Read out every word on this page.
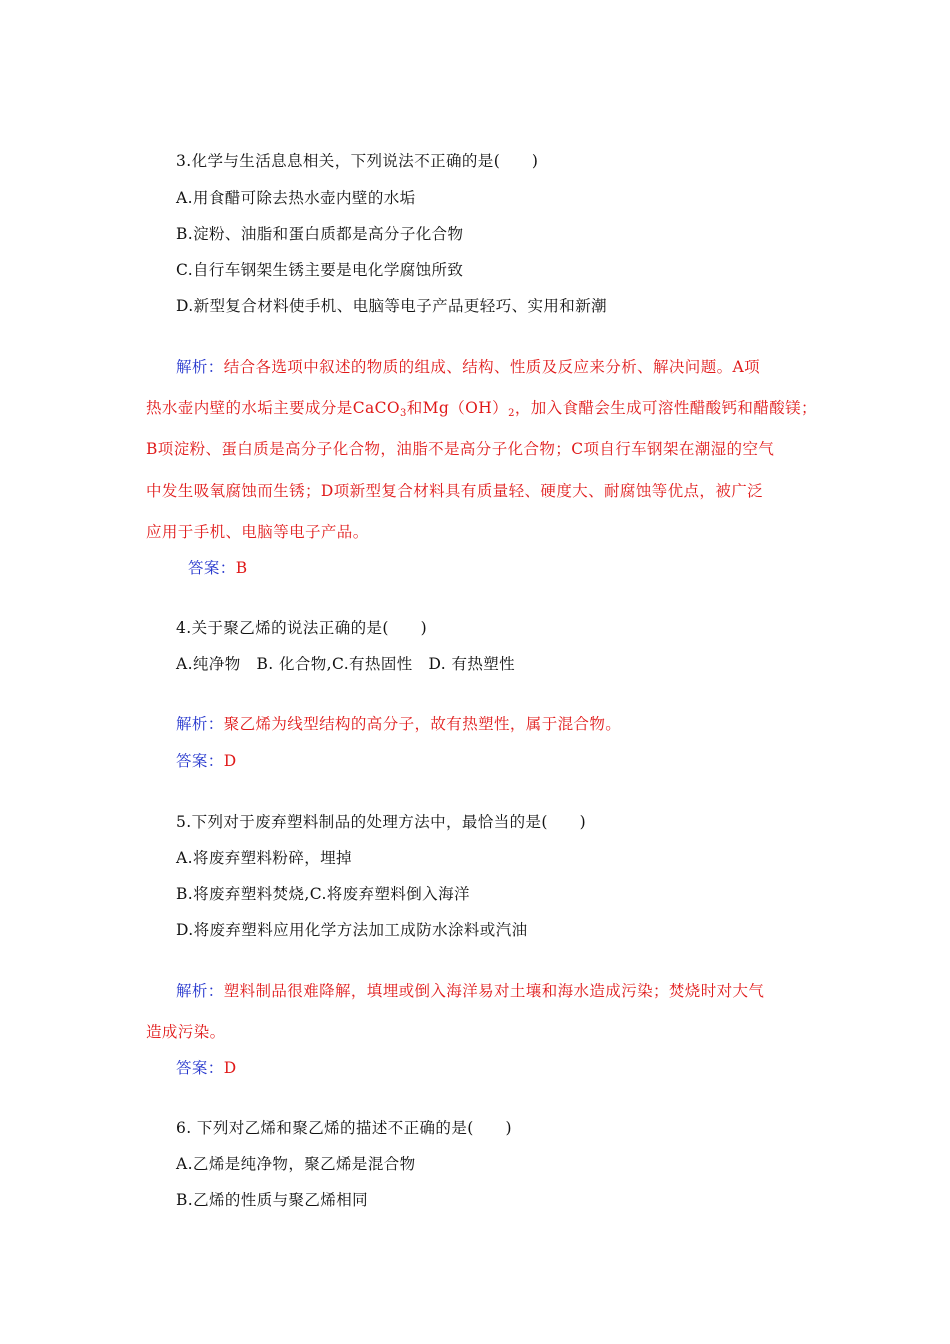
3.化学与生活息息相关，下列说法不正确的是(　　)
A.用食醋可除去热水壶内壁的水垢
B.淀粉、油脂和蛋白质都是高分子化合物
C.自行车钢架生锈主要是电化学腐蚀所致
D.新型复合材料使手机、电脑等电子产品更轻巧、实用和新潮
解析：结合各选项中叙述的物质的组成、结构、性质及反应来分析、解决问题。A项
热水壶内壁的水垢主要成分是CaCO$_3$和$Mg(OH)_2$，加入食醋会生成可溶性醋酸钙和醋酸镁；
B项淀粉、蛋白质是高分子化合物，油脂不是高分子化合物；C项自行车钢架在潮湿的空气
中发生吸氧腐蚀而生锈；D项新型复合材料具有质量轻、硬度大、耐腐蚀等优点，被广泛
应用于手机、电脑等电子产品。
答案：B
4.关于聚乙烯的说法正确的是(　　)
A.纯净物　B. 化合物,C.有热固性　D. 有热塑性
解析：聚乙烯为线型结构的高分子，故有热塑性，属于混合物。
答案：D
5.下列对于废弃塑料制品的处理方法中，最恰当的是(　　)
A.将废弃塑料粉碎，埋掉
B.将废弃塑料焚烧,C.将废弃塑料倒入海洋
D.将废弃塑料应用化学方法加工成防水涂料或汽油
解析：塑料制品很难降解，填埋或倒入海洋易对土壤和海水造成污染；焚烧时对大气
造成污染。
答案：D
6. 下列对乙烯和聚乙烯的描述不正确的是(　　)
A.乙烯是纯净物，聚乙烯是混合物
B.乙烯的性质与聚乙烯相同
